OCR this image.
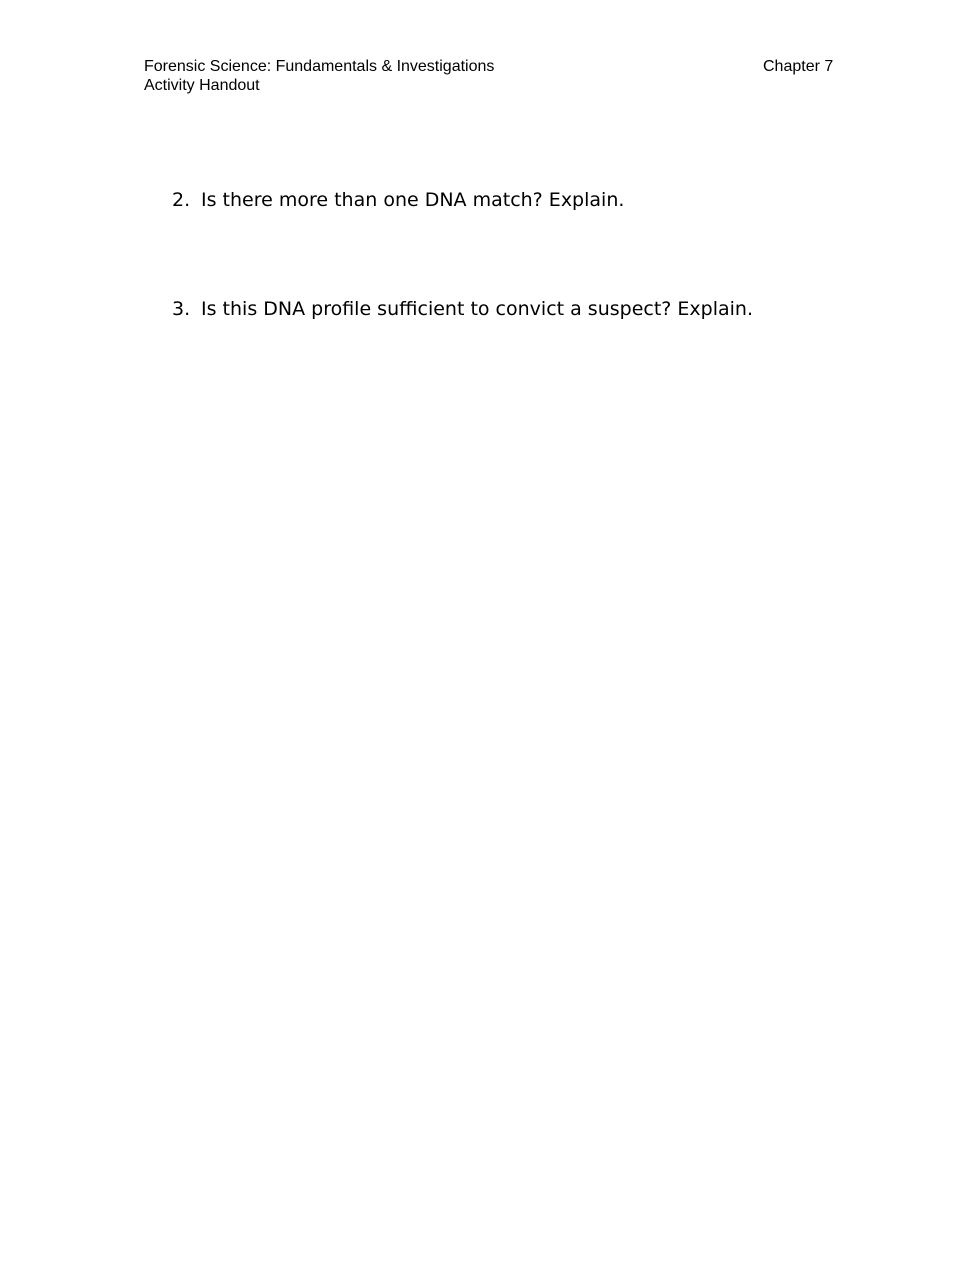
Forensic Science: Fundamentals & Investigations
Activity Handout
Chapter 7
2. Is there more than one DNA match? Explain.
3. Is this DNA profile sufficient to convict a suspect? Explain.
